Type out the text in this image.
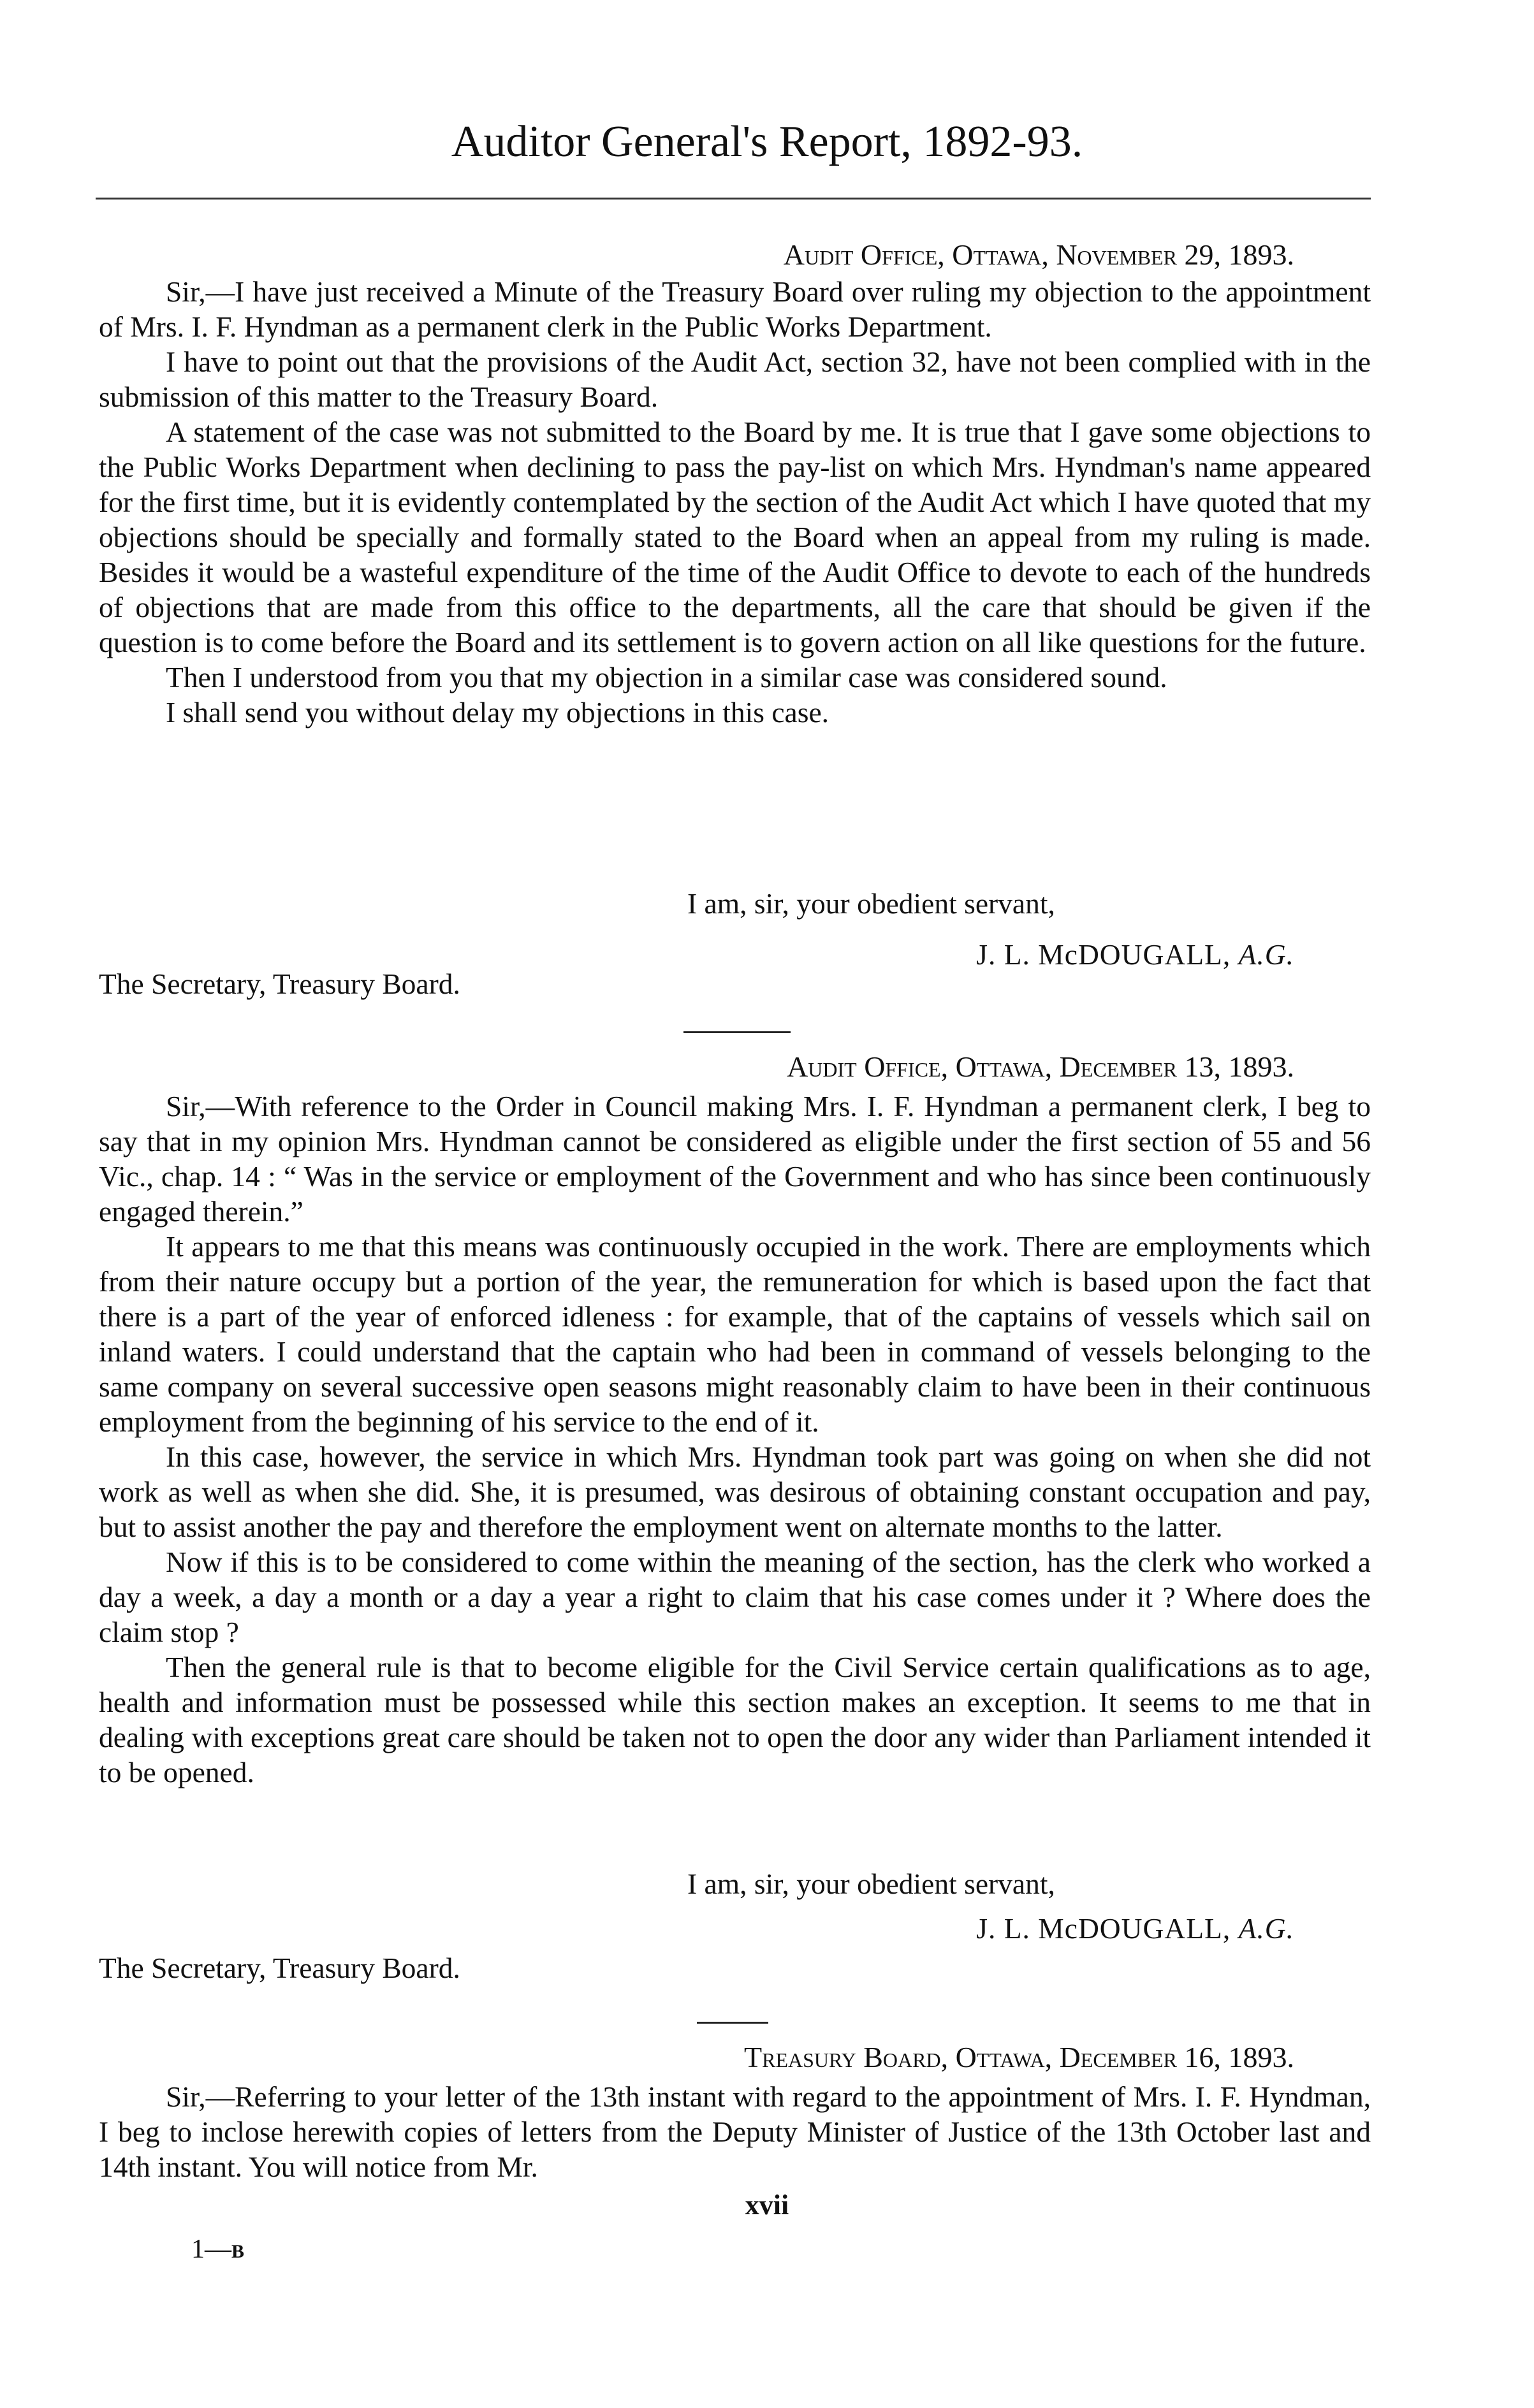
Auditor General's Report, 1892-93.
Audit Office, Ottawa, November 29, 1893.

Sir,—I have just received a Minute of the Treasury Board over ruling my objection to the appointment of Mrs. I. F. Hyndman as a permanent clerk in the Public Works Department.

I have to point out that the provisions of the Audit Act, section 32, have not been complied with in the submission of this matter to the Treasury Board.

A statement of the case was not submitted to the Board by me. It is true that I gave some objections to the Public Works Department when declining to pass the pay-list on which Mrs. Hyndman's name appeared for the first time, but it is evidently contemplated by the section of the Audit Act which I have quoted that my objections should be specially and formally stated to the Board when an appeal from my ruling is made. Besides it would be a wasteful expenditure of the time of the Audit Office to devote to each of the hundreds of objections that are made from this office to the departments, all the care that should be given if the question is to come before the Board and its settlement is to govern action on all like questions for the future.

Then I understood from you that my objection in a similar case was considered sound.

I shall send you without delay my objections in this case.

I am, sir, your obedient servant,
J. L. McDOUGALL, A.G.
The Secretary, Treasury Board.
Audit Office, Ottawa, December 13, 1893.

Sir,—With reference to the Order in Council making Mrs. I. F. Hyndman a permanent clerk, I beg to say that in my opinion Mrs. Hyndman cannot be considered as eligible under the first section of 55 and 56 Vic., chap. 14 : “ Was in the service or employment of the Government and who has since been continuously engaged therein.”

It appears to me that this means was continuously occupied in the work. There are employments which from their nature occupy but a portion of the year, the remuneration for which is based upon the fact that there is a part of the year of enforced idleness : for example, that of the captains of vessels which sail on inland waters. I could understand that the captain who had been in command of vessels belonging to the same company on several successive open seasons might reasonably claim to have been in their continuous employment from the beginning of his service to the end of it.

In this case, however, the service in which Mrs. Hyndman took part was going on when she did not work as well as when she did. She, it is presumed, was desirous of obtaining constant occupation and pay, but to assist another the pay and therefore the employment went on alternate months to the latter.

Now if this is to be considered to come within the meaning of the section, has the clerk who worked a day a week, a day a month or a day a year a right to claim that his case comes under it ? Where does the claim stop ?

Then the general rule is that to become eligible for the Civil Service certain qualifications as to age, health and information must be possessed while this section makes an exception. It seems to me that in dealing with exceptions great care should be taken not to open the door any wider than Parliament intended it to be opened.

I am, sir, your obedient servant,
J. L. McDOUGALL, A.G.
The Secretary, Treasury Board.
Treasury Board, Ottawa, December 16, 1893.

Sir,—Referring to your letter of the 13th instant with regard to the appointment of Mrs. I. F. Hyndman, I beg to inclose herewith copies of letters from the Deputy Minister of Justice of the 13th October last and 14th instant. You will notice from Mr.

xvii
1—B
